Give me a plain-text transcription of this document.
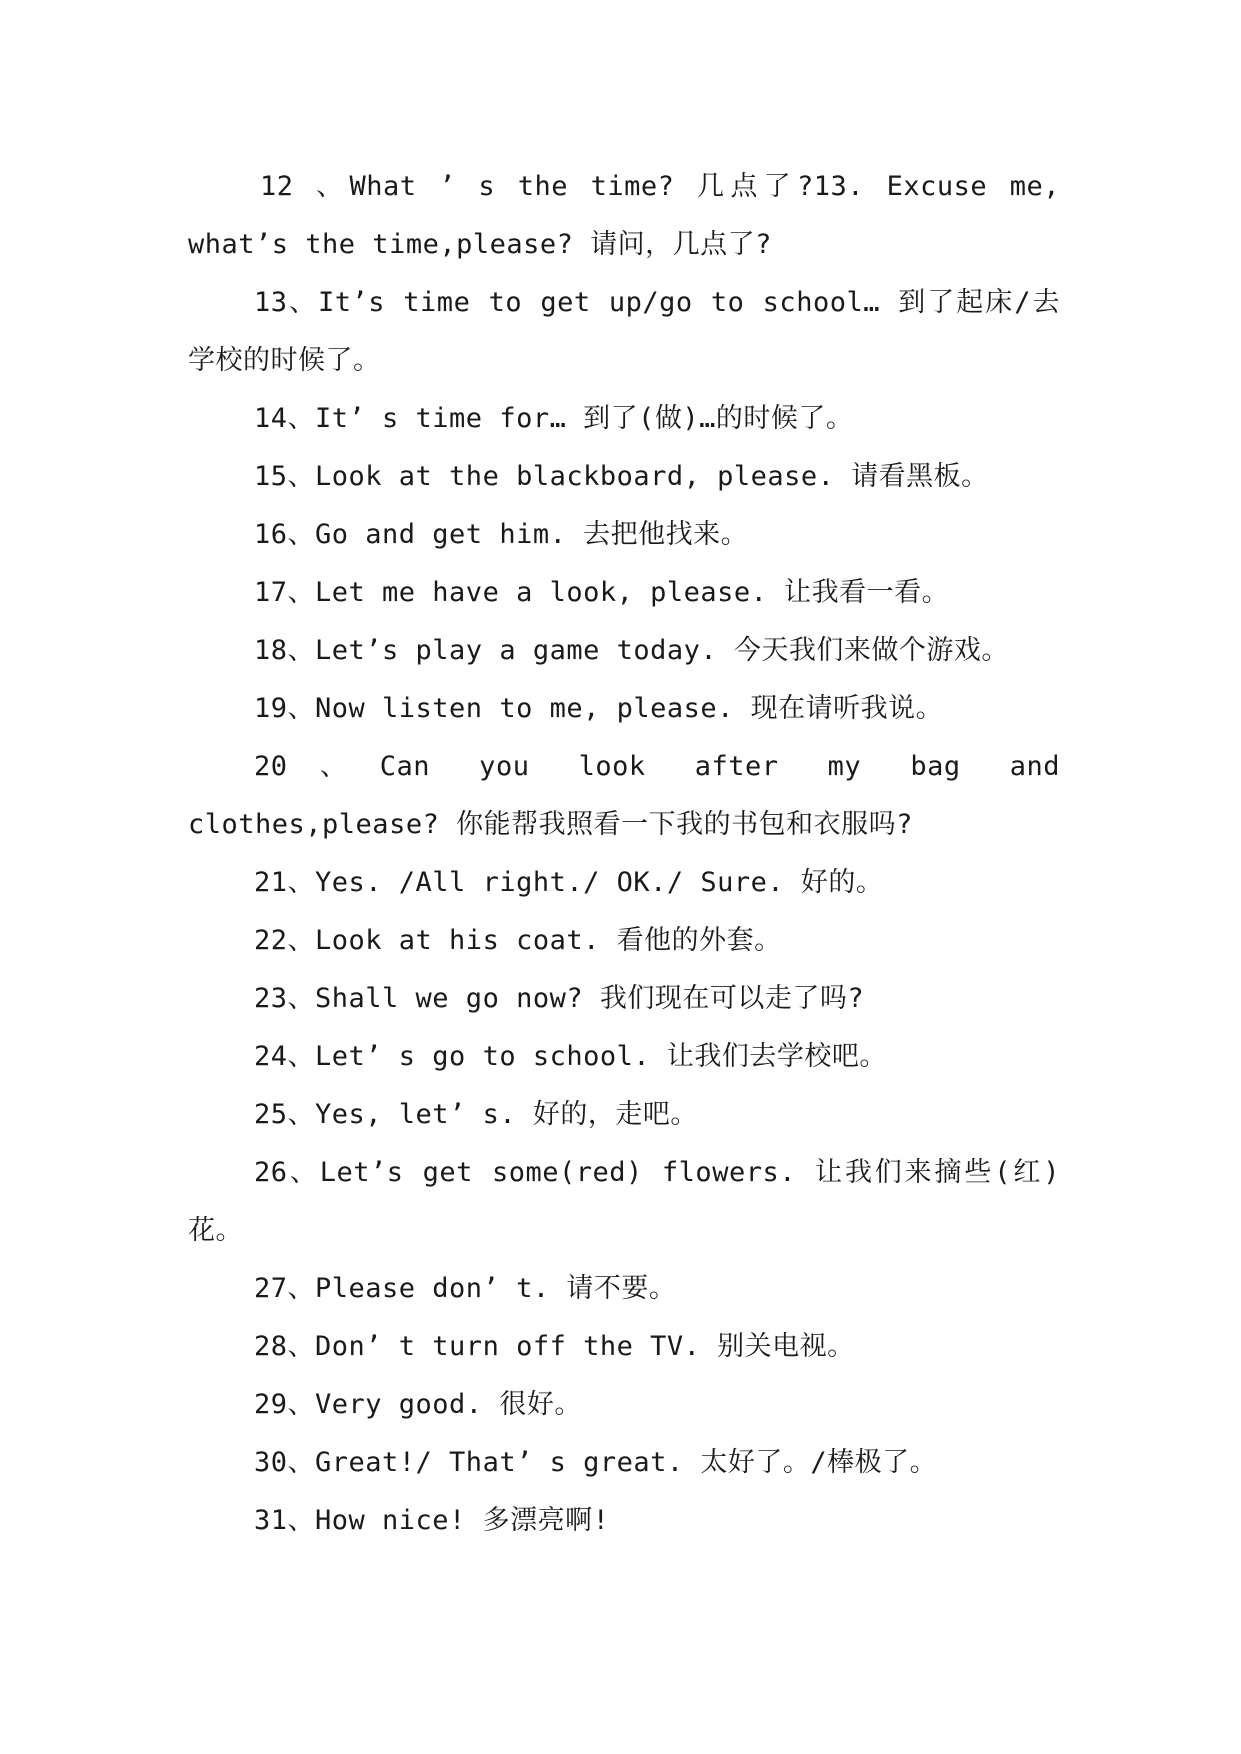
12 、What ’ s the time? 几点了?13. Excuse me, what’s the time,please? 请问，几点了?

13、It’s time to get up/go to school… 到了起床/去学校的时候了。

14、It’ s time for… 到了(做)…的时候了。

15、Look at the blackboard, please. 请看黑板。

16、Go and get him. 去把他找来。

17、Let me have a look, please. 让我看一看。

18、Let’s play a game today. 今天我们来做个游戏。

19、Now listen to me, please. 现在请听我说。

20、Can you look after my bag and clothes,please? 你能帮我照看一下我的书包和衣服吗?

21、Yes. /All right./ OK./ Sure. 好的。

22、Look at his coat. 看他的外套。

23、Shall we go now? 我们现在可以走了吗?

24、Let’ s go to school. 让我们去学校吧。

25、Yes, let’ s. 好的，走吧。

26、Let’s get some(red) flowers. 让我们来摘些(红)花。

27、Please don’ t. 请不要。

28、Don’ t turn off the TV. 别关电视。

29、Very good. 很好。

30、Great!/ That’ s great. 太好了。/棒极了。

31、How nice! 多漂亮啊!
